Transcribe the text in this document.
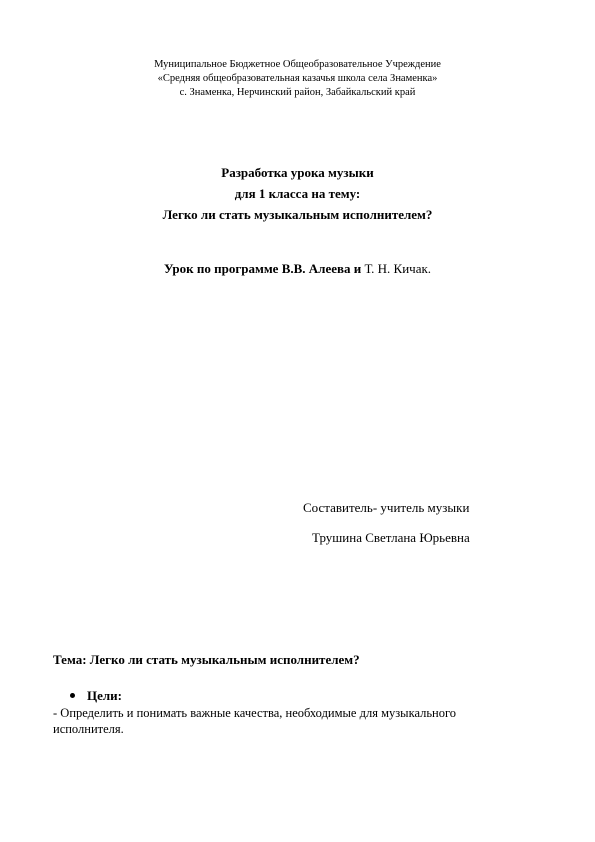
Муниципальное Бюджетное Общеобразовательное Учреждение
«Средняя общеобразовательная казачья школа села Знаменка»
с. Знаменка, Нерчинский район, Забайкальский край
Разработка урока музыки
для 1 класса на тему:
Легко ли стать музыкальным исполнителем?
Урок по программе В.В. Алеева и Т. Н. Кичак.
Составитель- учитель музыки
Трушина Светлана Юрьевна
Тема: Легко ли стать музыкальным исполнителем?
Цели:
- Определить и понимать важные качества, необходимые для музыкального исполнителя.
